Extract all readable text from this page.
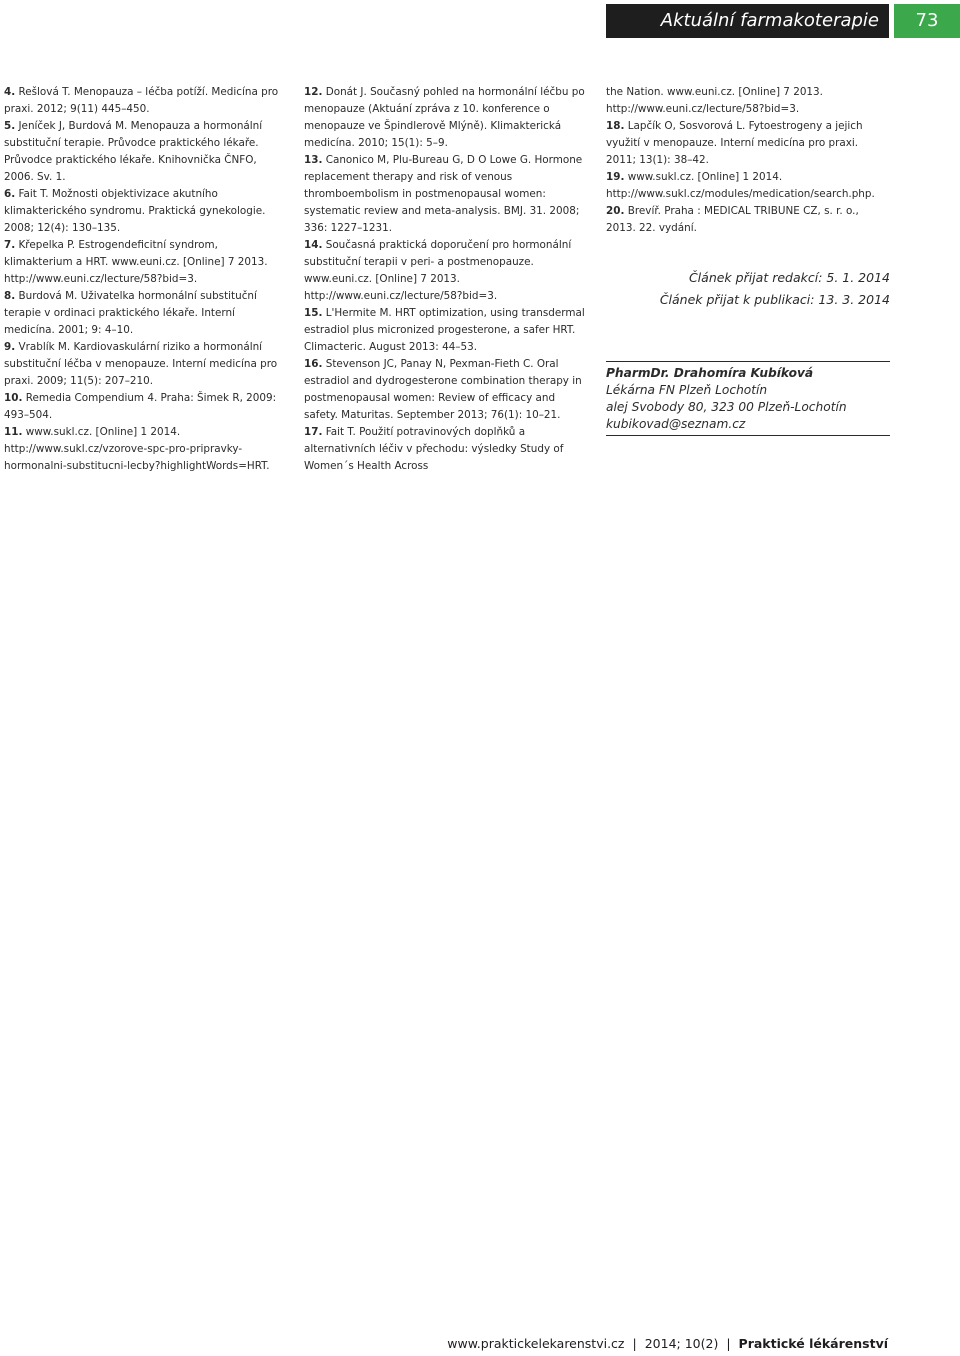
Aktuální farmakoterapie	73

4. Rešlová T. Menopauza – léčba potíží. Medicína pro praxi. 2012; 9(11) 445–450.

5. Jeníček J, Burdová M. Menopauza a hormonální substituční terapie. Průvodce praktického lékaře. Průvodce praktického lékaře. Knihovnička ČNFO, 2006. Sv. 1.

6. Fait T. Možnosti objektivizace akutního klimakterického syndromu. Praktická gynekologie. 2008; 12(4): 130–135.

7. Křepelka P. Estrogendeficitní syndrom, klimakterium a HRT. www.euni.cz. [Online] 7 2013. http://www.euni.cz/lecture/58?bid=3.

8. Burdová M. Uživatelka hormonální substituční terapie v ordinaci praktického lékaře. Interní medicína. 2001; 9: 4–10.

9. Vrablík M. Kardiovaskulární riziko a hormonální substituční léčba v menopauze. Interní medicína pro praxi. 2009; 11(5): 207–210.

10. Remedia Compendium 4. Praha: Šimek R, 2009: 493–504.

11. www.sukl.cz. [Online] 1 2014. http://www.sukl.cz/vzorove-spc-pro-pripravky-hormonalni-substitucni-lecby?highlightWords=HRT.

12. Donát J. Současný pohled na hormonální léčbu po menopauze (Aktuání zpráva z 10. konference o menopauze ve Špindlerově Mlýně). Klimakterická medicína. 2010; 15(1): 5–9.

13. Canonico M, Plu-Bureau G, D O Lowe G. Hormone replacement therapy and risk of venous thromboembolism in postmenopausal women: systematic review and meta-analysis. BMJ. 31. 2008; 336: 1227–1231.

14. Současná praktická doporučení pro hormonální substituční terapii v peri- a postmenopauze. www.euni.cz. [Online] 7 2013. http://www.euni.cz/lecture/58?bid=3.

15. L'Hermite M. HRT optimization, using transdermal estradiol plus micronized progesterone, a safer HRT. Climacteric. August 2013: 44–53.

16. Stevenson JC, Panay N, Pexman-Fieth C. Oral estradiol and dydrogesterone combination therapy in postmenopausal women: Review of efficacy and safety. Maturitas. September 2013; 76(1): 10–21.

17. Fait T. Použití potravinových doplňků a alternativních léčiv v přechodu: výsledky Study of Women´s Health Across

the Nation. www.euni.cz. [Online] 7 2013. http://www.euni.cz/lecture/58?bid=3.

18. Lapčík O, Sosvorová L. Fytoestrogeny a jejich využití v menopauze. Interní medicína pro praxi. 2011; 13(1): 38–42.

19. www.sukl.cz. [Online] 1 2014. http://www.sukl.cz/modules/medication/search.php.

20. Brevíř. Praha : MEDICAL TRIBUNE CZ, s. r. o., 2013. 22. vydání.

Článek přijat redakcí: 5. 1. 2014
Článek přijat k publikaci: 13. 3. 2014
PharmDr. Drahomíra Kubíková
Lékárna FN Plzeň Lochotín
alej Svobody 80, 323 00 Plzeň-Lochotín
kubikovad@seznam.cz
www.praktickelekarenstvi.cz | 2014; 10(2) | Praktické lékárenství
